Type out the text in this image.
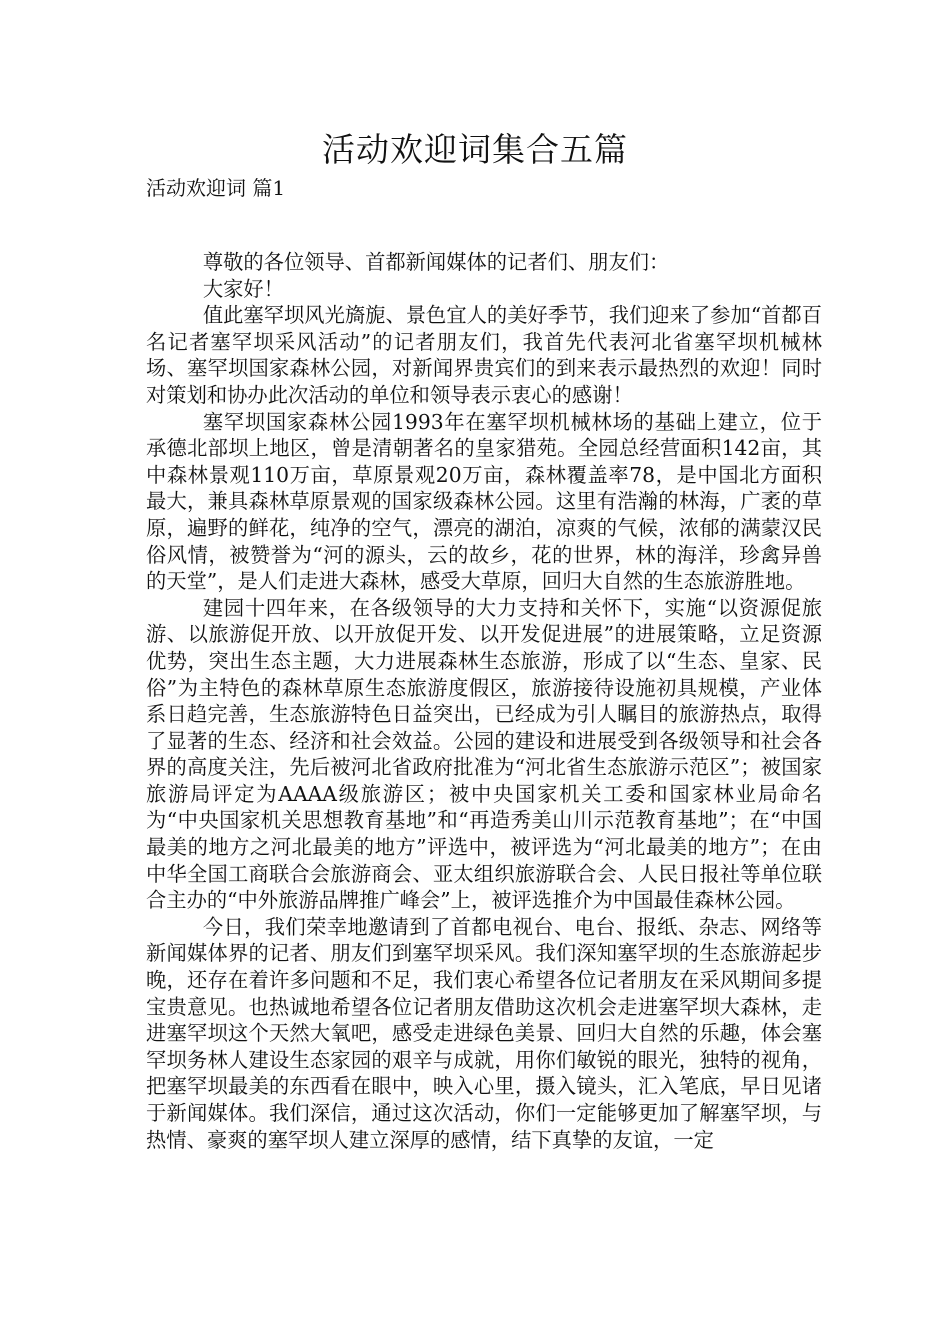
活动欢迎词集合五篇
活动欢迎词 篇1

尊敬的各位领导、首都新闻媒体的记者们、朋友们：

大家好！

值此塞罕坝风光旖旎、景色宜人的美好季节，我们迎来了参加“首都百名记者塞罕坝采风活动”的记者朋友们，我首先代表河北省塞罕坝机械林场、塞罕坝国家森林公园，对新闻界贵宾们的到来表示最热烈的欢迎！同时对策划和协办此次活动的单位和领导表示衷心的感谢！

塞罕坝国家森林公园1993年在塞罕坝机械林场的基础上建立，位于承德北部坝上地区，曾是清朝著名的皇家猎苑。全园总经营面积142亩，其中森林景观110万亩，草原景观20万亩，森林覆盖率78，是中国北方面积最大，兼具森林草原景观的国家级森林公园。这里有浩瀚的林海，广袤的草原，遍野的鲜花，纯净的空气，漂亮的湖泊，凉爽的气候，浓郁的满蒙汉民俗风情，被赞誉为“河的源头，云的故乡，花的世界，林的海洋，珍禽异兽的天堂”，是人们走进大森林，感受大草原，回归大自然的生态旅游胜地。

建园十四年来，在各级领导的大力支持和关怀下，实施“以资源促旅游、以旅游促开放、以开放促开发、以开发促进展”的进展策略，立足资源优势，突出生态主题，大力进展森林生态旅游，形成了以“生态、皇家、民俗”为主特色的森林草原生态旅游度假区，旅游接待设施初具规模，产业体系日趋完善，生态旅游特色日益突出，已经成为引人瞩目的旅游热点，取得了显著的生态、经济和社会效益。公园的建设和进展受到各级领导和社会各界的高度关注，先后被河北省政府批准为“河北省生态旅游示范区”；被国家旅游局评定为AAAA级旅游区；被中央国家机关工委和国家林业局命名为“中央国家机关思想教育基地”和“再造秀美山川示范教育基地”；在“中国最美的地方之河北最美的地方”评选中，被评选为“河北最美的地方”；在由中华全国工商联合会旅游商会、亚太组织旅游联合会、人民日报社等单位联合主办的“中外旅游品牌推广峰会”上，被评选推介为中国最佳森林公园。

今日，我们荣幸地邀请到了首都电视台、电台、报纸、杂志、网络等新闻媒体界的记者、朋友们到塞罕坝采风。我们深知塞罕坝的生态旅游起步晚，还存在着许多问题和不足，我们衷心希望各位记者朋友在采风期间多提宝贵意见。也热诚地希望各位记者朋友借助这次机会走进塞罕坝大森林，走进塞罕坝这个天然大氧吧，感受走进绿色美景、回归大自然的乐趣，体会塞罕坝务林人建设生态家园的艰辛与成就，用你们敏锐的眼光，独特的视角，把塞罕坝最美的东西看在眼中，映入心里，摄入镜头，汇入笔底，早日见诸于新闻媒体。我们深信，通过这次活动，你们一定能够更加了解塞罕坝，与热情、豪爽的塞罕坝人建立深厚的感情，结下真挚的友谊，一定
